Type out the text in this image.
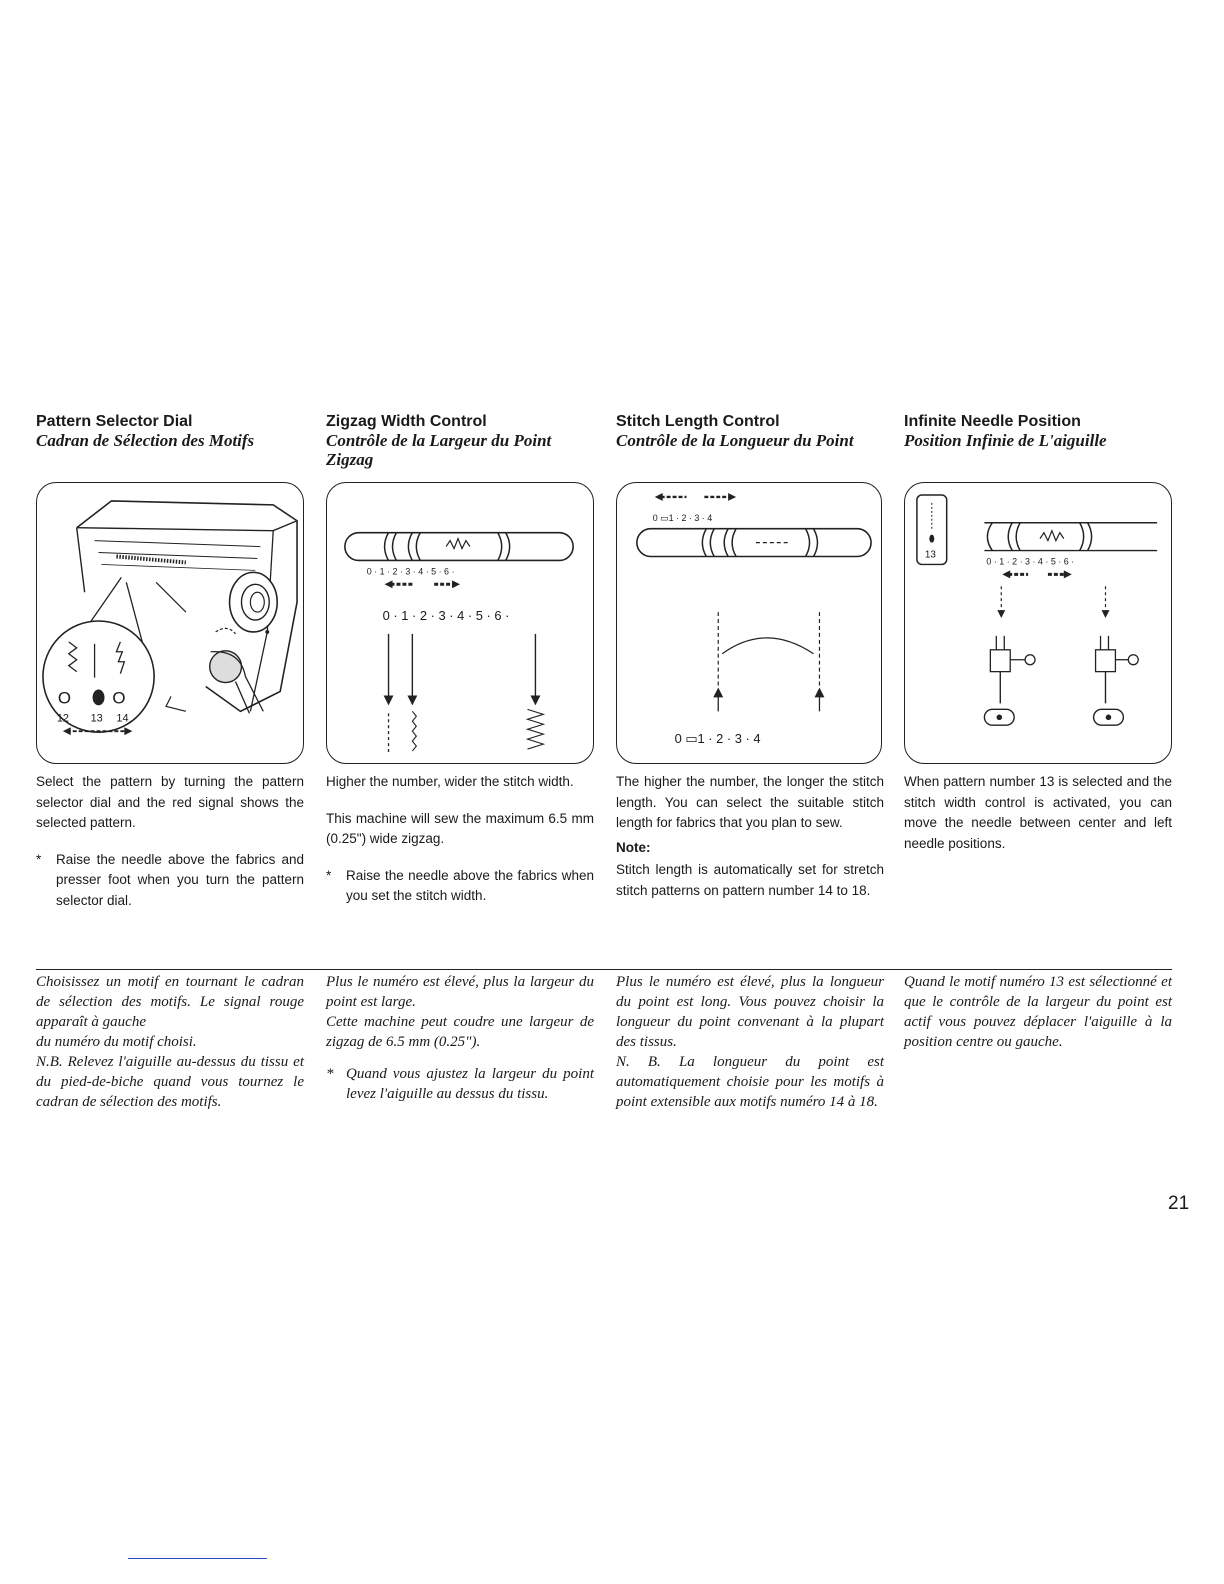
Pattern Selector Dial
Cadran de Sélection des Motifs
O O
12 13 14

Select the pattern by turning the pattern selector dial and the red signal shows the selected pattern.

* Raise the needle above the fabrics and presser foot when you turn the pattern selector dial.

Zigzag Width Control
Contrôle de la Largeur du Point Zigzag
0 · 1 · 2 · 3 · 4 · 5 · 6 ·
0 · 1 · 2 · 3 · 4 · 5 · 6 ·

Higher the number, wider the stitch width.

This machine will sew the maximum 6.5 mm (0.25") wide zigzag.

* Raise the needle above the fabrics when you set the stitch width.

Stitch Length Control
Contrôle de la Longueur du Point
0 ▭1 · 2 · 3 · 4
0 ▭1 · 2 · 3 · 4

The higher the number, the longer the stitch length. You can select the suitable stitch length for fabrics that you plan to sew.

Note:

Stitch length is automatically set for stretch stitch patterns on pattern number 14 to 18.

Infinite Needle Position
Position Infinie de L'aiguille
13
0 · 1 · 2 · 3 · 4 · 5 · 6 ·

When pattern number 13 is selected and the stitch width control is activated, you can move the needle between center and left needle positions.

Choisissez un motif en tournant le cadran de sélection des motifs. Le signal rouge apparaît à gauche

du numéro du motif choisi.

N.B. Relevez l'aiguille au-dessus du tissu et du pied-de-biche quand vous tournez le cadran de sélection des motifs.

Plus le numéro est élevé, plus la largeur du point est large.

Cette machine peut coudre une largeur de zigzag de 6.5 mm (0.25").

* Quand vous ajustez la largeur du point levez l'aiguille au dessus du tissu.

Plus le numéro est élevé, plus la longueur du point est long. Vous pouvez choisir la longueur du point convenant à la plupart des tissus.

N. B. La longueur du point est automatiquement choisie pour les motifs à point extensible aux motifs numéro 14 à 18.

Quand le motif numéro 13 est sélectionné et que le contrôle de la largeur du point est actif vous pouvez déplacer l'aiguille à la position centre ou gauche.

21
